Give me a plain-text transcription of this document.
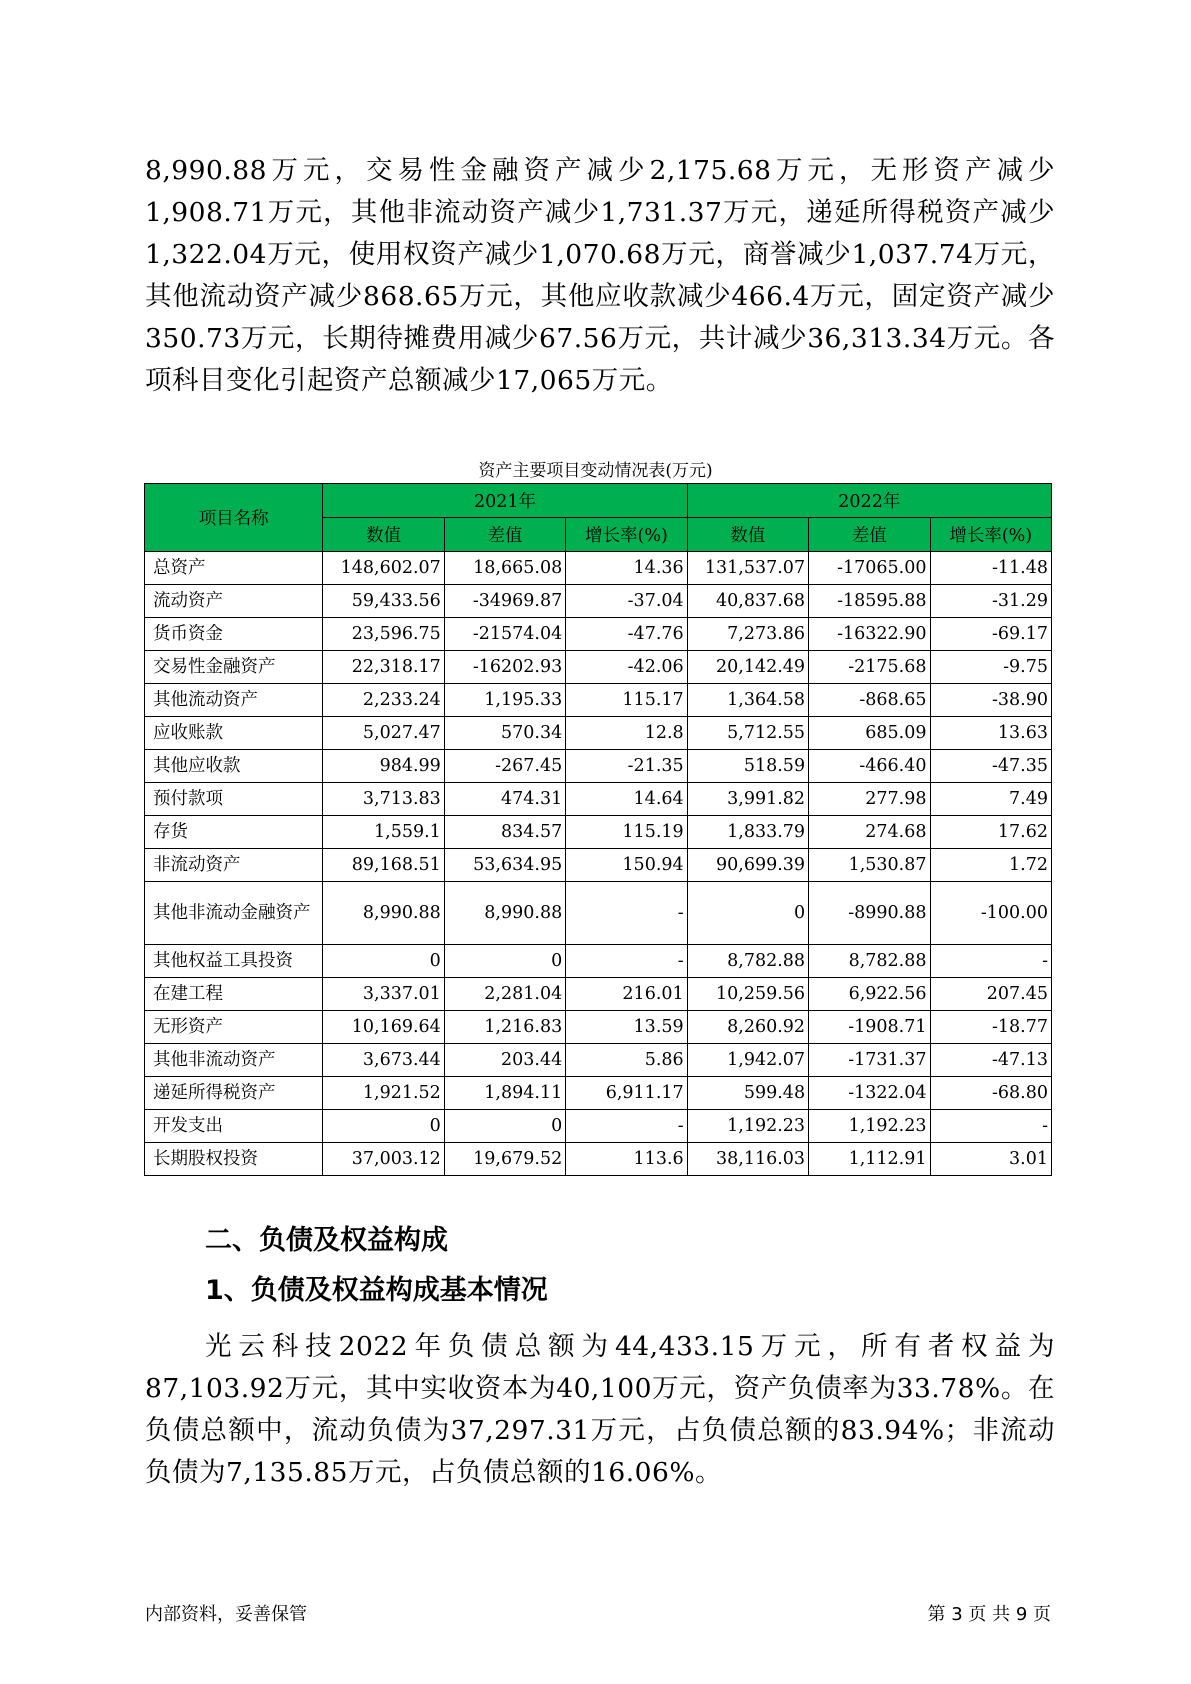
8,990.88万元，交易性金融资产减少2,175.68万元，无形资产减少1,908.71万元，其他非流动资产减少1,731.37万元，递延所得税资产减少1,322.04万元，使用权资产减少1,070.68万元，商誉减少1,037.74万元，其他流动资产减少868.65万元，其他应收款减少466.4万元，固定资产减少350.73万元，长期待摊费用减少67.56万元，共计减少36,313.34万元。各项科目变化引起资产总额减少17,065万元。
资产主要项目变动情况表(万元)
项目名称	2021年			2022年		
	数值	差值	增长率(%)	数值	差值	增长率(%)
总资产	148,602.07	18,665.08	14.36	131,537.07	-17065.00	-11.48
流动资产	59,433.56	-34969.87	-37.04	40,837.68	-18595.88	-31.29
货币资金	23,596.75	-21574.04	-47.76	7,273.86	-16322.90	-69.17
交易性金融资产	22,318.17	-16202.93	-42.06	20,142.49	-2175.68	-9.75
其他流动资产	2,233.24	1,195.33	115.17	1,364.58	-868.65	-38.90
应收账款	5,027.47	570.34	12.8	5,712.55	685.09	13.63
其他应收款	984.99	-267.45	-21.35	518.59	-466.40	-47.35
预付款项	3,713.83	474.31	14.64	3,991.82	277.98	7.49
存货	1,559.1	834.57	115.19	1,833.79	274.68	17.62
非流动资产	89,168.51	53,634.95	150.94	90,699.39	1,530.87	1.72
其他非流动金融资产	8,990.88	8,990.88	-	0	-8990.88	-100.00
其他权益工具投资	0	0	-	8,782.88	8,782.88	-
在建工程	3,337.01	2,281.04	216.01	10,259.56	6,922.56	207.45
无形资产	10,169.64	1,216.83	13.59	8,260.92	-1908.71	-18.77
其他非流动资产	3,673.44	203.44	5.86	1,942.07	-1731.37	-47.13
递延所得税资产	1,921.52	1,894.11	6,911.17	599.48	-1322.04	-68.80
开发支出	0	0	-	1,192.23	1,192.23	-
长期股权投资	37,003.12	19,679.52	113.6	38,116.03	1,112.91	3.01
二、负债及权益构成
1、负债及权益构成基本情况
光云科技2022年负债总额为44,433.15万元，所有者权益为87,103.92万元，其中实收资本为40,100万元，资产负债率为33.78%。在负债总额中，流动负债为37,297.31万元，占负债总额的83.94%；非流动负债为7,135.85万元，占负债总额的16.06%。
内部资料，妥善保管	第 3 页 共 9 页
